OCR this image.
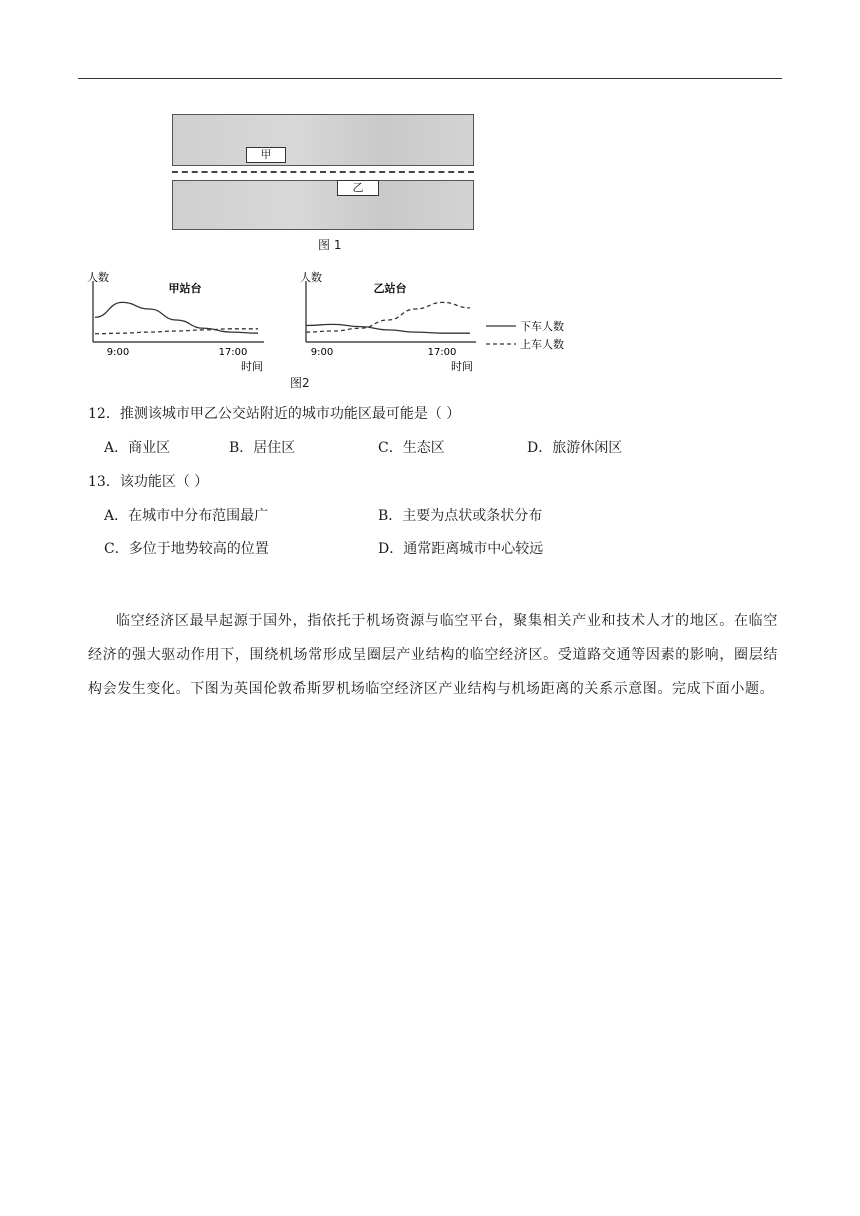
甲
乙
图 1
人数
甲站台
9:00	17:00
时间
人数
乙站台
9:00	17:00
时间
下车人数
上车人数
图2
12．推测该城市甲乙公交站附近的城市功能区最可能是（ ）
A．商业区	B．居住区	C．生态区	D．旅游休闲区
13．该功能区（ ）
A．在城市中分布范围最广	B．主要为点状或条状分布
C．多位于地势较高的位置	D．通常距离城市中心较远
临空经济区最早起源于国外，指依托于机场资源与临空平台，聚集相关产业和技术人才的地区。在临空经济的强大驱动作用下，围绕机场常形成呈圈层产业结构的临空经济区。受道路交通等因素的影响，圈层结构会发生变化。下图为英国伦敦希斯罗机场临空经济区产业结构与机场距离的关系示意图。完成下面小题。
